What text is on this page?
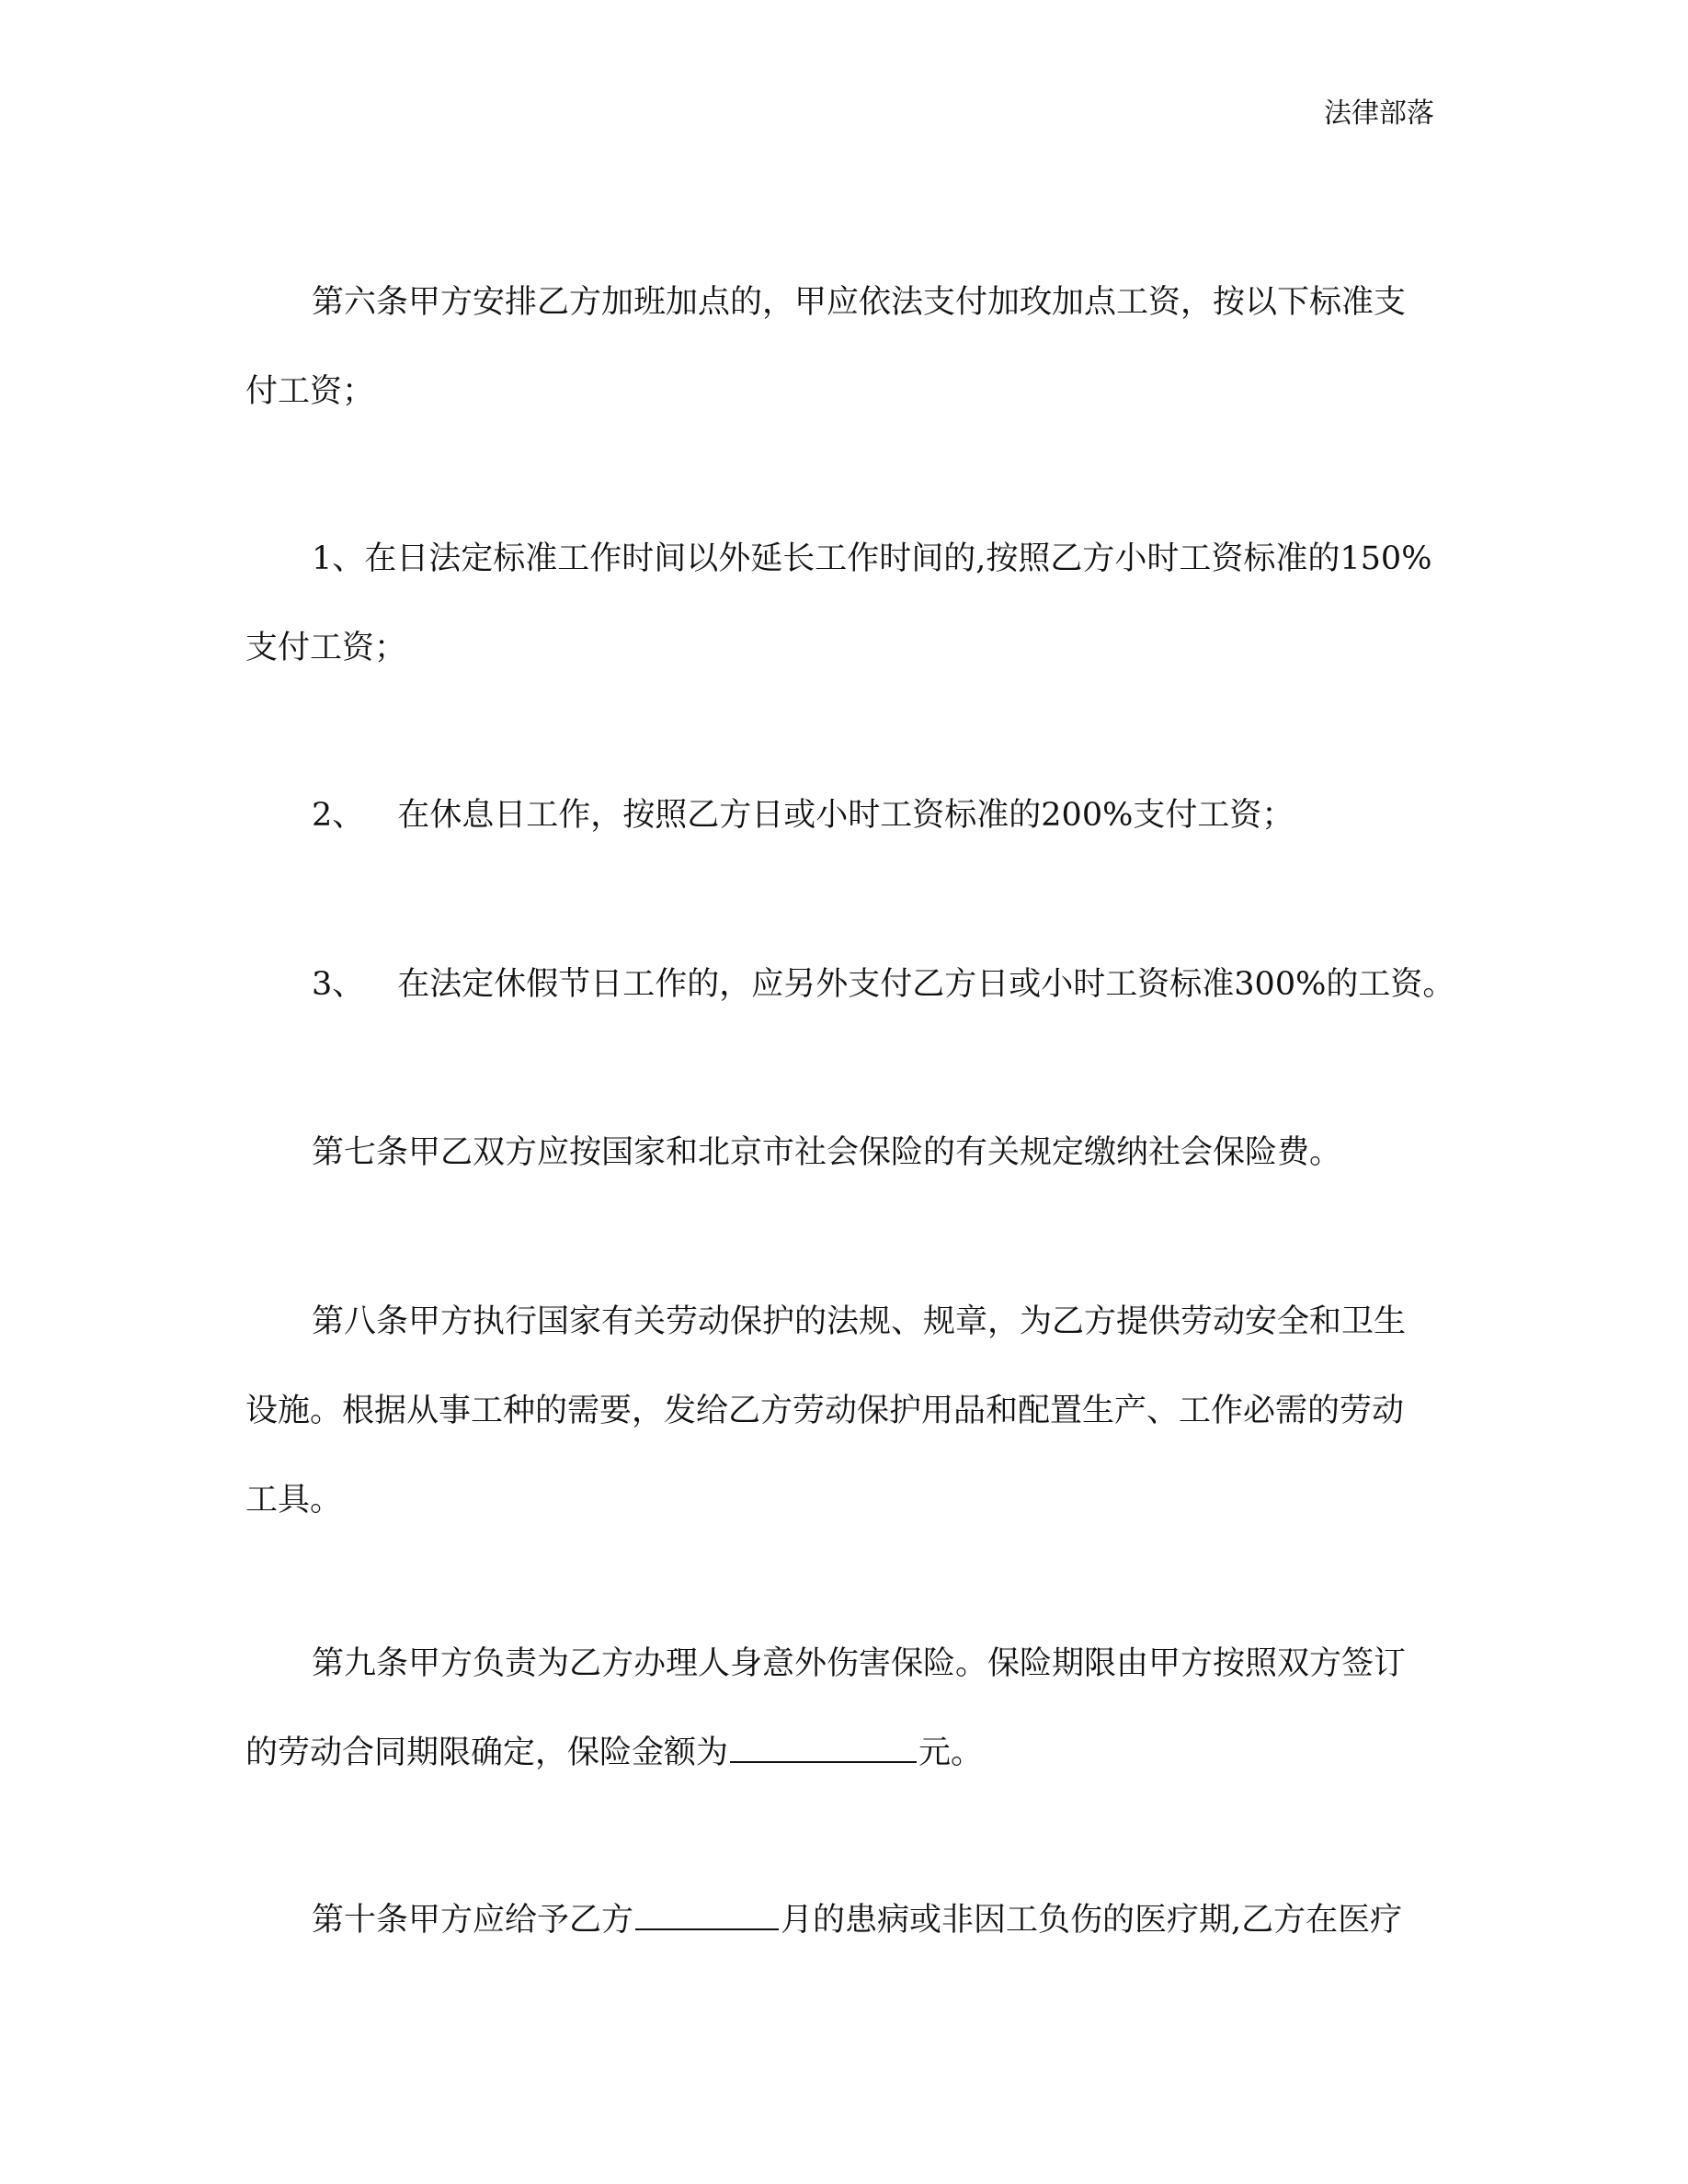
法律部落
第六条甲方安排乙方加班加点的，甲应依法支付加玫加点工资，按以下标准支
付工资；
1、在日法定标准工作时间以外延长工作时间的,按照乙方小时工资标准的150%
支付工资；
2、 在休息日工作，按照乙方日或小时工资标准的200%支付工资；
3、 在法定休假节日工作的，应另外支付乙方日或小时工资标准300%的工资。
第七条甲乙双方应按国家和北京市社会保险的有关规定缴纳社会保险费。
第八条甲方执行国家有关劳动保护的法规、规章，为乙方提供劳动安全和卫生
设施。根据从事工种的需要，发给乙方劳动保护用品和配置生产、工作必需的劳动
工具。
第九条甲方负责为乙方办理人身意外伤害保险。保险期限由甲方按照双方签订
的劳动合同期限确定，保险金额为	元。
第十条甲方应给予乙方	月的患病或非因工负伤的医疗期,乙方在医疗
